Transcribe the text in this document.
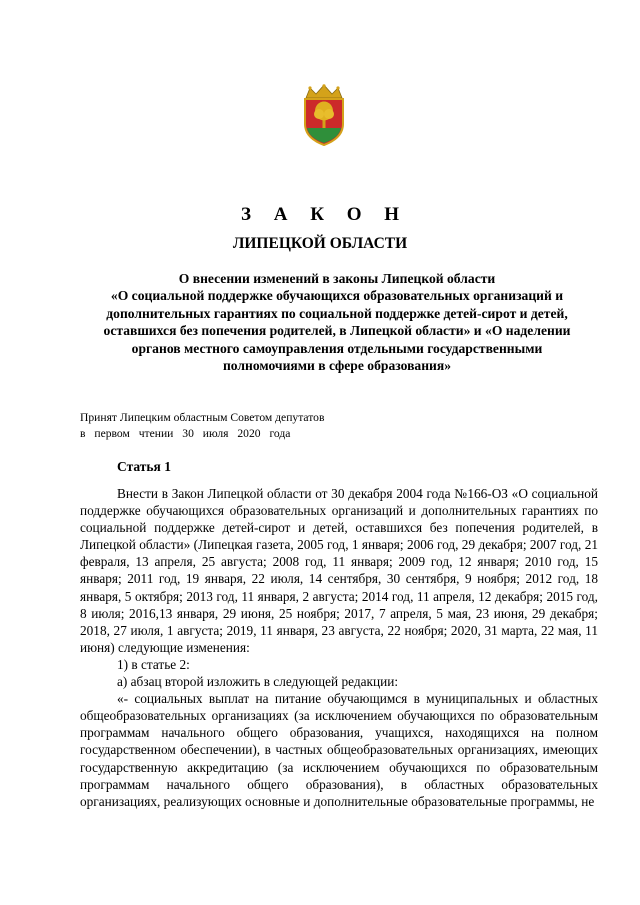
З А К О Н
ЛИПЕЦКОЙ ОБЛАСТИ
О внесении изменений в законы Липецкой области
«О социальной поддержке обучающихся образовательных организаций и
дополнительных гарантиях по социальной поддержке детей-сирот и детей,
оставшихся без попечения родителей, в Липецкой области» и «О наделении
органов местного самоуправления отдельными государственными
полномочиями в сфере образования»
Принят Липецким областным Советом депутатов
в первом чтении 30 июля 2020 года
Статья 1

Внести в Закон Липецкой области от 30 декабря 2004 года №166-ОЗ «О социальной поддержке обучающихся образовательных организаций и дополнительных гарантиях по социальной поддержке детей-сирот и детей, оставшихся без попечения родителей, в Липецкой области» (Липецкая газета, 2005 год, 1 января; 2006 год, 29 декабря; 2007 год, 21 февраля, 13 апреля, 25 августа; 2008 год, 11 января; 2009 год, 12 января; 2010 год, 15 января; 2011 год, 19 января, 22 июля, 14 сентября, 30 сентября, 9 ноября; 2012 год, 18 января, 5 октября; 2013 год, 11 января, 2 августа; 2014 год, 11 апреля, 12 декабря; 2015 год, 8 июля; 2016,13 января, 29 июня, 25 ноября; 2017, 7 апреля, 5 мая, 23 июня, 29 декабря; 2018, 27 июля, 1 августа; 2019, 11 января, 23 августа, 22 ноября; 2020, 31 марта, 22 мая, 11 июня) следующие изменения:

1) в статье 2:

а) абзац второй изложить в следующей редакции:

«- социальных выплат на питание обучающимся в муниципальных и областных общеобразовательных организациях (за исключением обучающихся по образовательным программам начального общего образования, учащихся, находящихся на полном государственном обеспечении), в частных общеобразовательных организациях, имеющих государственную аккредитацию (за исключением обучающихся по образовательным программам начального общего образования), в областных образовательных организациях, реализующих основные и дополнительные образовательные программы, не
